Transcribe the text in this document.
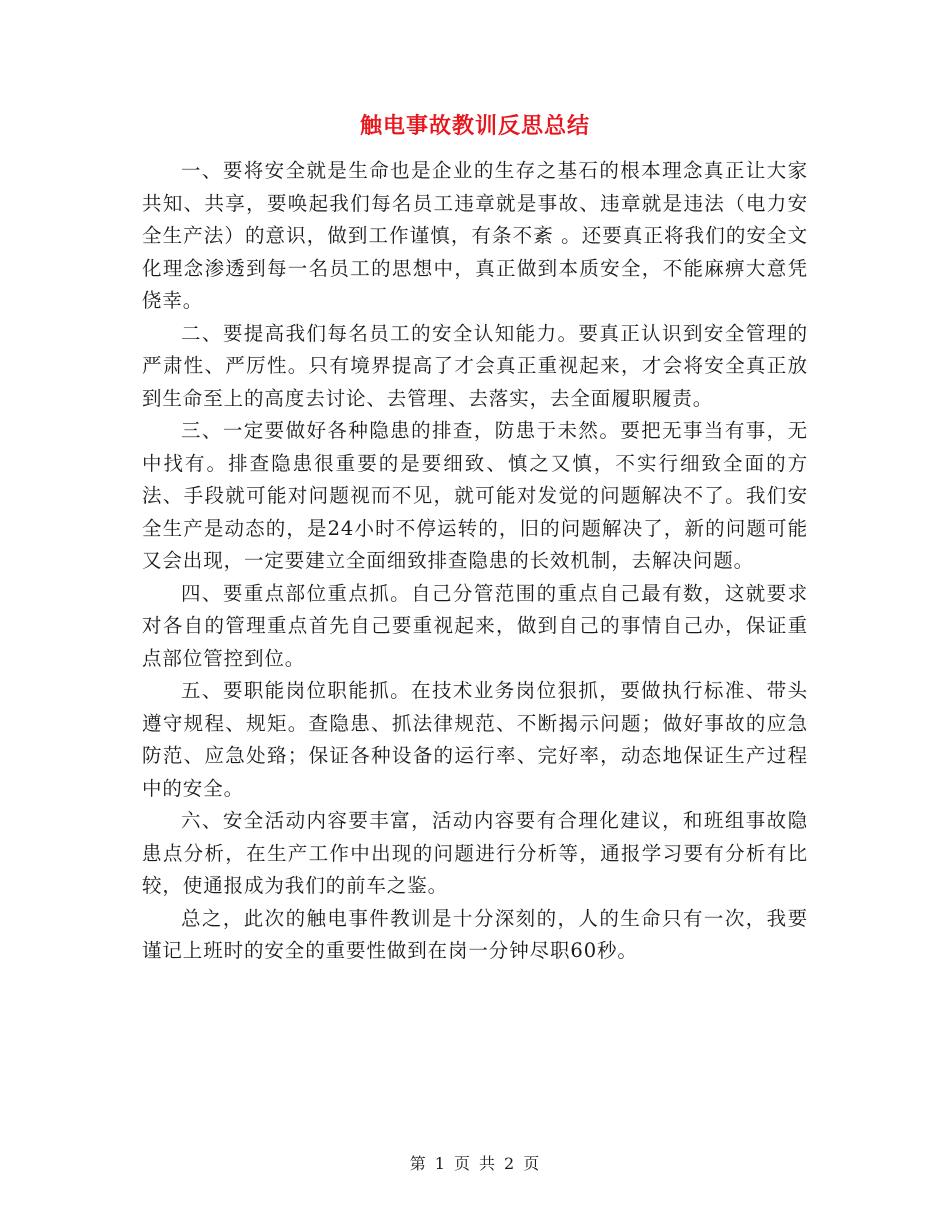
触电事故教训反思总结

一、要将安全就是生命也是企业的生存之基石的根本理念真正让大家共知、共享，要唤起我们每名员工违章就是事故、违章就是违法（电力安全生产法）的意识，做到工作谨慎，有条不紊 。还要真正将我们的安全文化理念渗透到每一名员工的思想中，真正做到本质安全，不能麻痹大意凭侥幸。

二、要提高我们每名员工的安全认知能力。要真正认识到安全管理的严肃性、严厉性。只有境界提高了才会真正重视起来，才会将安全真正放到生命至上的高度去讨论、去管理、去落实，去全面履职履责。

三、一定要做好各种隐患的排查，防患于未然。要把无事当有事，无中找有。排查隐患很重要的是要细致、慎之又慎，不实行细致全面的方法、手段就可能对问题视而不见，就可能对发觉的问题解决不了。我们安全生产是动态的，是24小时不停运转的，旧的问题解决了，新的问题可能又会出现，一定要建立全面细致排查隐患的长效机制，去解决问题。

四、要重点部位重点抓。自己分管范围的重点自己最有数，这就要求对各自的管理重点首先自己要重视起来，做到自己的事情自己办，保证重点部位管控到位。

五、要职能岗位职能抓。在技术业务岗位狠抓，要做执行标准、带头遵守规程、规矩。查隐患、抓法律规范、不断揭示问题；做好事故的应急防范、应急处臵；保证各种设备的运行率、完好率，动态地保证生产过程中的安全。

六、安全活动内容要丰富，活动内容要有合理化建议，和班组事故隐患点分析，在生产工作中出现的问题进行分析等，通报学习要有分析有比较，使通报成为我们的前车之鉴。

总之，此次的触电事件教训是十分深刻的，人的生命只有一次，我要谨记上班时的安全的重要性做到在岗一分钟尽职60秒。

第 1 页 共 2 页
